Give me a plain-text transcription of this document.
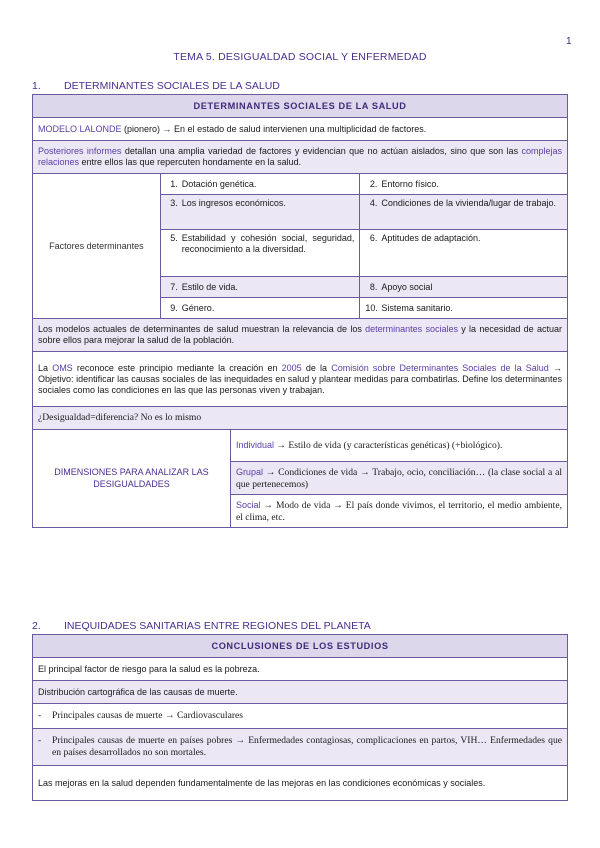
1
TEMA 5. DESIGUALDAD SOCIAL Y ENFERMEDAD
1.	DETERMINANTES SOCIALES DE LA SALUD
DETERMINANTES SOCIALES DE LA SALUD		
MODELO LALONDE (pionero) → En el estado de salud intervienen una multiplicidad de factores.		
Posteriores informes detallan una amplia variedad de factores y evidencian que no actúan aislados, sino que son las complejas relaciones entre ellos las que repercuten hondamente en la salud.		
Factores determinantes	1. Dotación genética.	2. Entorno físico.

	3. Los ingresos económicos.	4. Condiciones de la vivienda/lugar de trabajo.

	5. Estabilidad y cohesión social, seguridad, reconocimiento a la diversidad.	6. Aptitudes de adaptación.

	7. Estilo de vida.	8. Apoyo social

	9. Género.	10. Sistema sanitario.

Los modelos actuales de determinantes de salud muestran la relevancia de los determinantes sociales y la necesidad de actuar sobre ellos para mejorar la salud de la población.		
La OMS reconoce este principio mediante la creación en 2005 de la Comisión sobre Determinantes Sociales de la Salud → Objetivo: identificar las causas sociales de las inequidades en salud y plantear medidas para combatirlas. Define los determinantes sociales como las condiciones en las que las personas viven y trabajan.		
¿Desigualdad=diferencia? No es lo mismo		
DIMENSIONES PARA ANALIZAR LAS DESIGUALDADES
	Individual → Estilo de vida (y características genéticas) (+biológico).
Grupal → Condiciones de vida → Trabajo, ocio, conciliación… (la clase social a al que pertenecemos)
Social → Modo de vida → El país donde vivimos, el territorio, el medio ambiente, el clima, etc.
2.	INEQUIDADES SANITARIAS ENTRE REGIONES DEL PLANETA
CONCLUSIONES DE LOS ESTUDIOS
El principal factor de riesgo para la salud es la pobreza.
Distribución cartográfica de las causas de muerte.

-	Principales causas de muerte → Cardiovasculares

-	Principales causas de muerte en países pobres → Enfermedades contagiosas, complicaciones en partos, VIH… Enfermedades que en países desarrollados no son mortales.

Las mejoras en la salud dependen fundamentalmente de las mejoras en las condiciones económicas y sociales.
